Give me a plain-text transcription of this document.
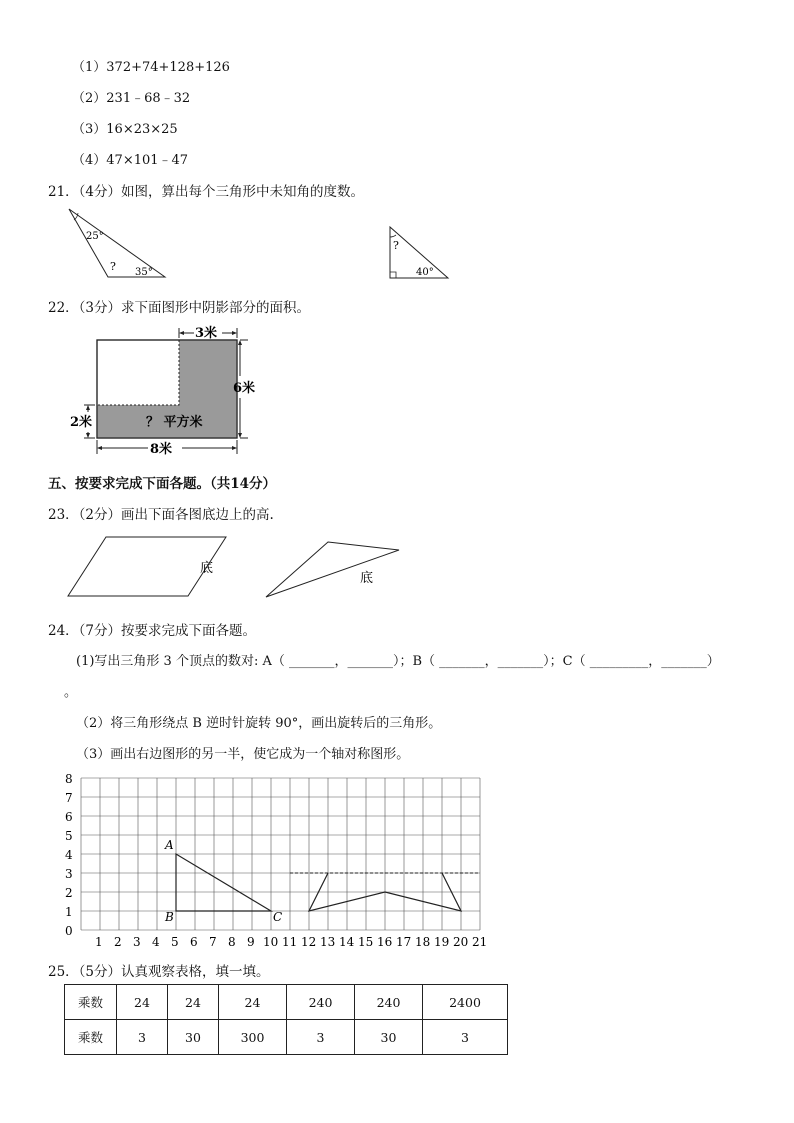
（1）372+74+128+126
（2）231﹣68﹣32
（3）16×23×25
（4）47×101﹣47
21．（4分）如图，算出每个三角形中未知角的度数。
25°
? 35°
?
40°
22．（3分）求下面图形中阴影部分的面积。
3米
6米
2米
8米
？ 平方米
五、按要求完成下面各题。（共14分）
23．（2分）画出下面各图底边上的高.
底
底
24．（7分）按要求完成下面各题。
(1)写出三角形 3 个顶点的数对: A（ _______，_______）；B（ _______，_______）；C（ _________，_______）
。
（2）将三角形绕点 B 逆时针旋转 90°，画出旋转后的三角形。
（3）画出右边图形的另一半，使它成为一个轴对称图形。
1 2 3 4 5 6 7 8 9 10 11 12 13 14 15 16 17 18 19 20 21
0
1
2
3
4
5
6
7
8
A
B	C
25．（5分）认真观察表格，填一填。
乘数	24	24	24	240	240	2400
乘数	3	30	300	3	30	3
